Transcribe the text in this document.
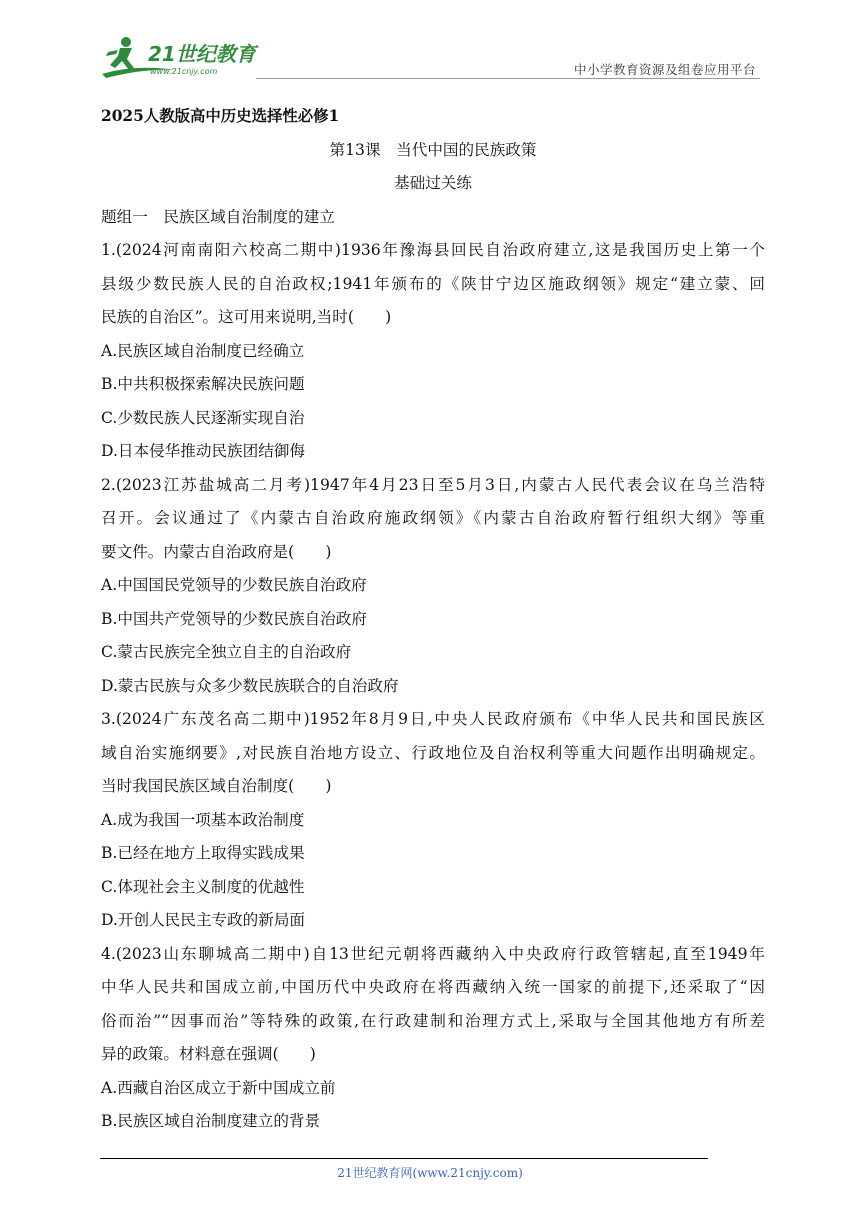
21世纪教育
www.21cnjy.com	中小学教育资源及组卷应用平台
2025人教版高中历史选择性必修1
第13课　当代中国的民族政策
基础过关练
题组一　民族区域自治制度的建立
1.(2024河南南阳六校高二期中)1936年豫海县回民自治政府建立,这是我国历史上第一个
县级少数民族人民的自治政权;1941年颁布的《陕甘宁边区施政纲领》规定“建立蒙、回
民族的自治区”。这可用来说明,当时(　　)
A.民族区域自治制度已经确立
B.中共积极探索解决民族问题
C.少数民族人民逐渐实现自治
D.日本侵华推动民族团结御侮
2.(2023江苏盐城高二月考)1947年4月23日至5月3日,内蒙古人民代表会议在乌兰浩特
召开。会议通过了《内蒙古自治政府施政纲领》《内蒙古自治政府暂行组织大纲》等重
要文件。内蒙古自治政府是(　　)
A.中国国民党领导的少数民族自治政府
B.中国共产党领导的少数民族自治政府
C.蒙古民族完全独立自主的自治政府
D.蒙古民族与众多少数民族联合的自治政府
3.(2024广东茂名高二期中)1952年8月9日,中央人民政府颁布《中华人民共和国民族区
域自治实施纲要》,对民族自治地方设立、行政地位及自治权利等重大问题作出明确规定。
当时我国民族区域自治制度(　　)
A.成为我国一项基本政治制度
B.已经在地方上取得实践成果
C.体现社会主义制度的优越性
D.开创人民民主专政的新局面
4.(2023山东聊城高二期中)自13世纪元朝将西藏纳入中央政府行政管辖起,直至1949年
中华人民共和国成立前,中国历代中央政府在将西藏纳入统一国家的前提下,还采取了“因
俗而治”“因事而治”等特殊的政策,在行政建制和治理方式上,采取与全国其他地方有所差
异的政策。材料意在强调(　　)
A.西藏自治区成立于新中国成立前
B.民族区域自治制度建立的背景
21世纪教育网(www.21cnjy.com)
